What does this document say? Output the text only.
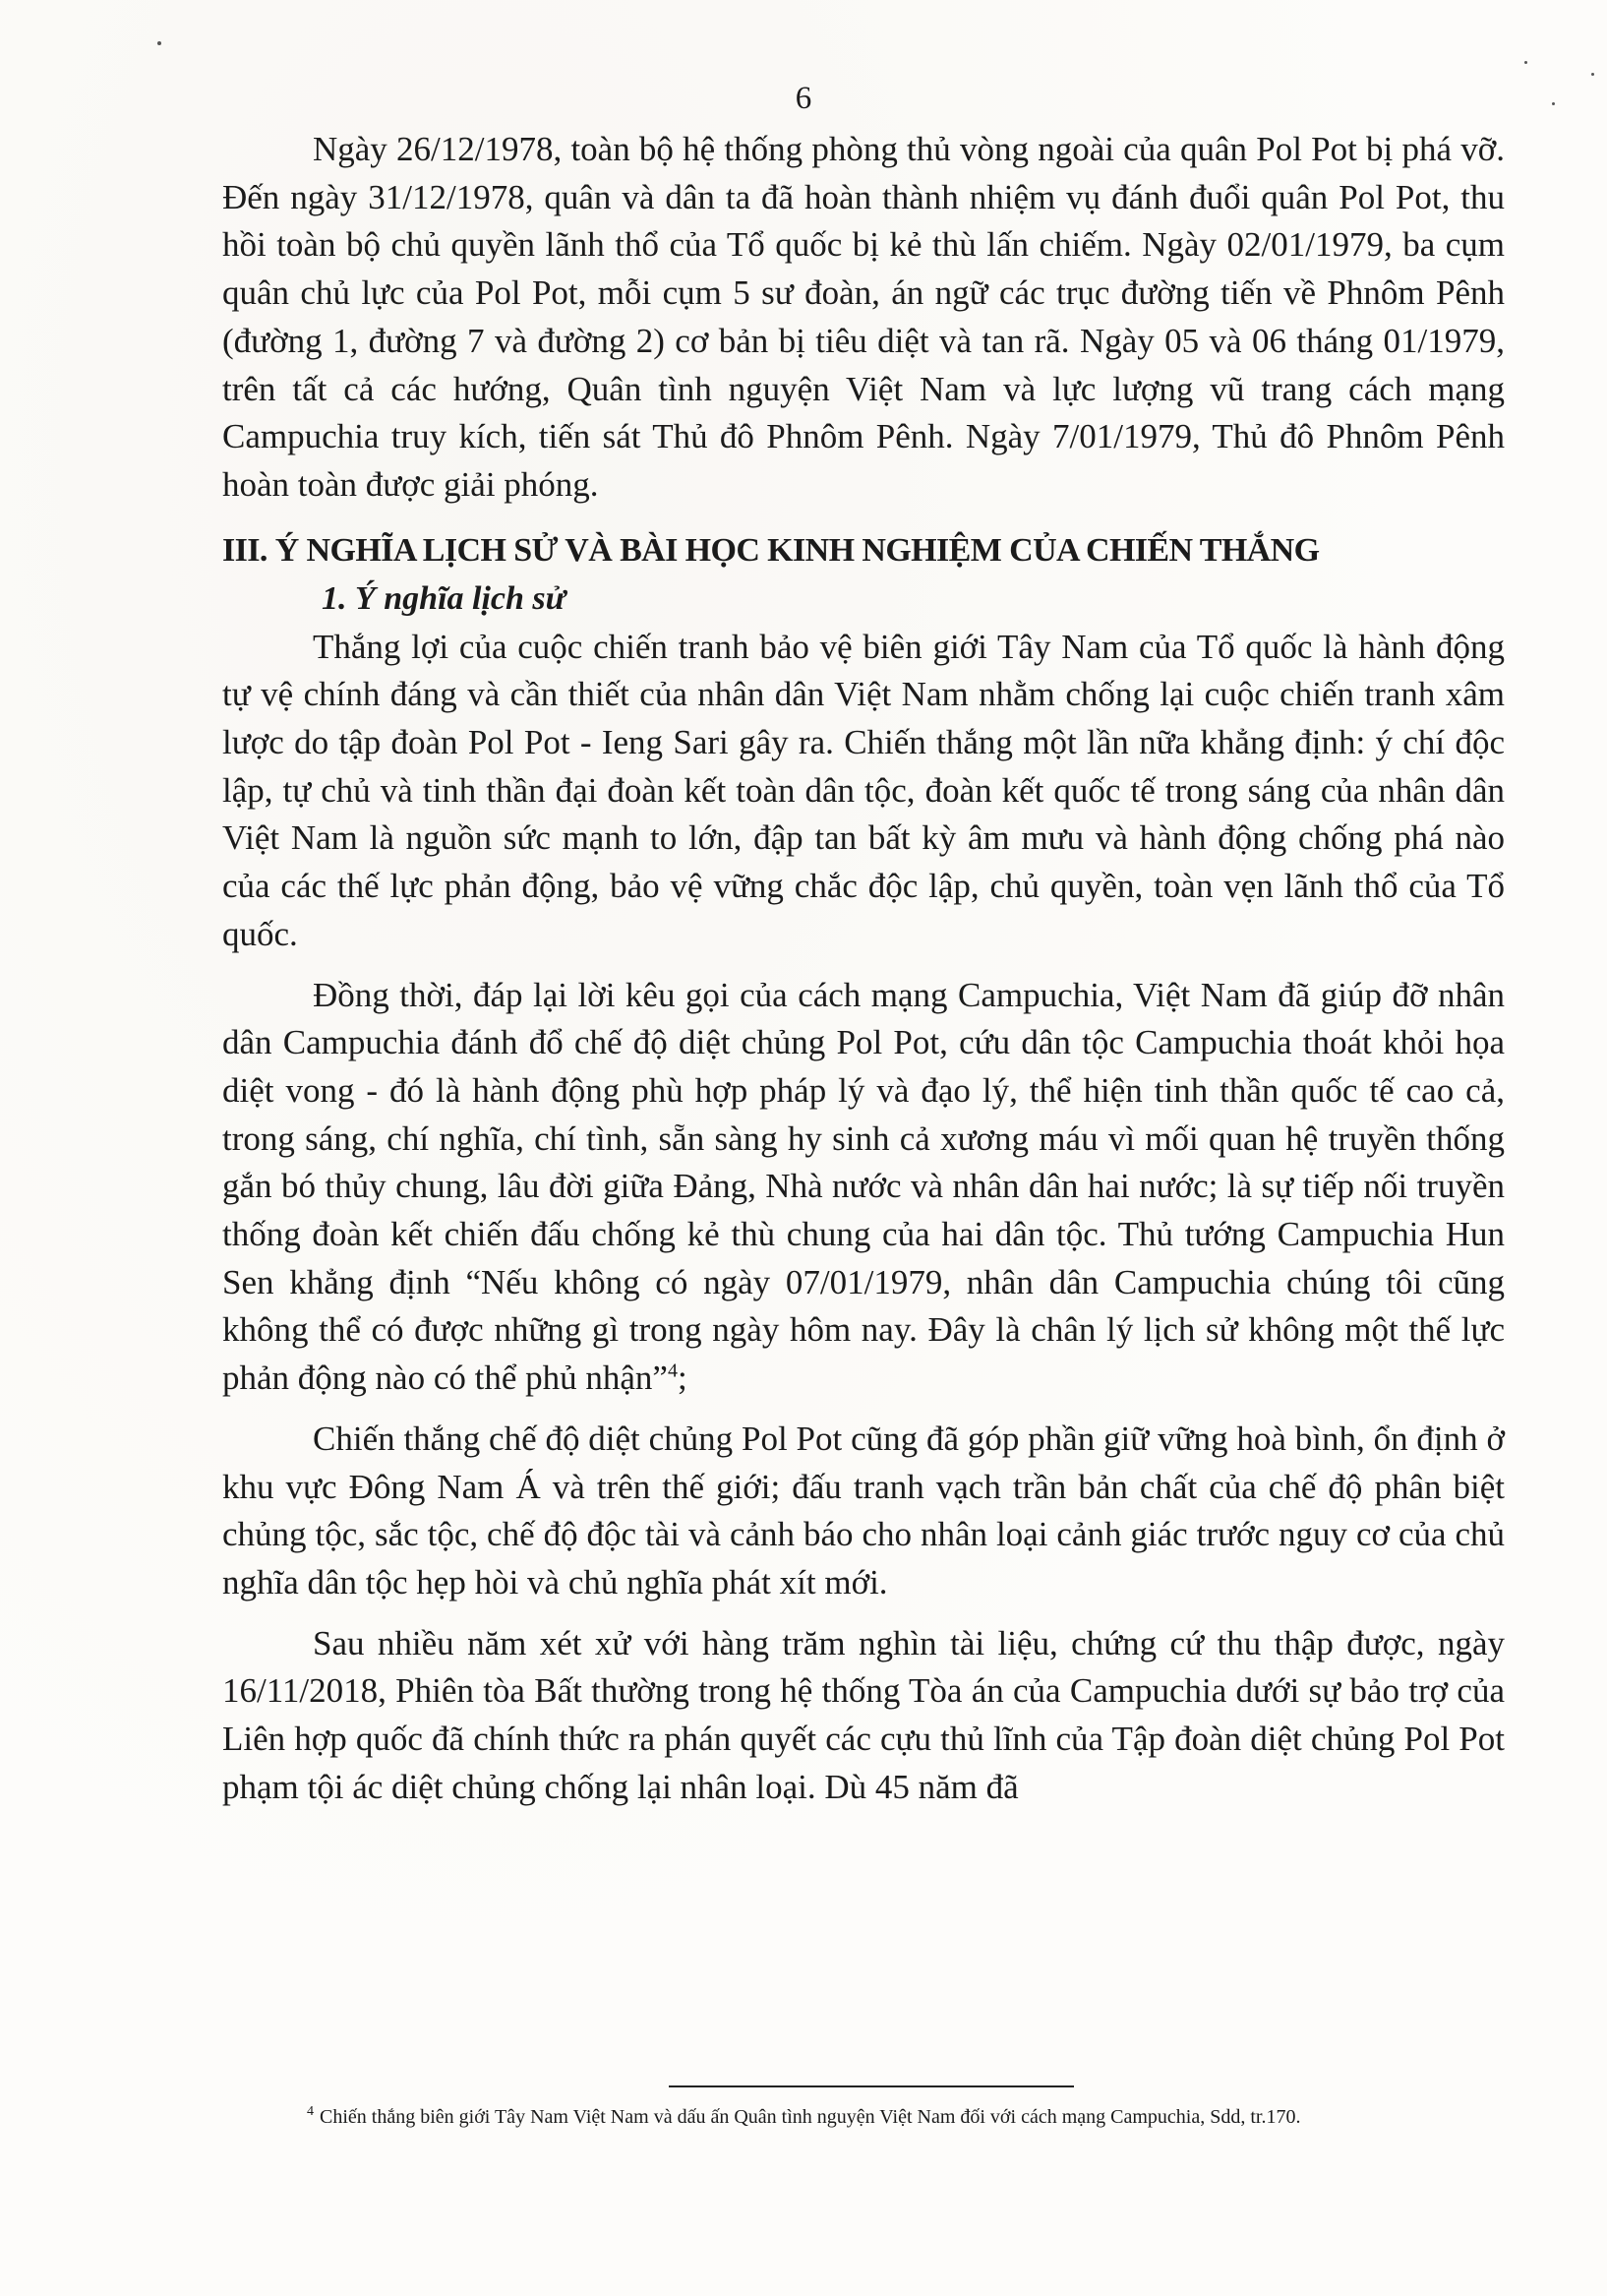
6

Ngày 26/12/1978, toàn bộ hệ thống phòng thủ vòng ngoài của quân Pol Pot bị phá vỡ. Đến ngày 31/12/1978, quân và dân ta đã hoàn thành nhiệm vụ đánh đuổi quân Pol Pot, thu hồi toàn bộ chủ quyền lãnh thổ của Tổ quốc bị kẻ thù lấn chiếm. Ngày 02/01/1979, ba cụm quân chủ lực của Pol Pot, mỗi cụm 5 sư đoàn, án ngữ các trục đường tiến về Phnôm Pênh (đường 1, đường 7 và đường 2) cơ bản bị tiêu diệt và tan rã. Ngày 05 và 06 tháng 01/1979, trên tất cả các hướng, Quân tình nguyện Việt Nam và lực lượng vũ trang cách mạng Campuchia truy kích, tiến sát Thủ đô Phnôm Pênh. Ngày 7/01/1979, Thủ đô Phnôm Pênh hoàn toàn được giải phóng.

III. Ý NGHĨA LỊCH SỬ VÀ BÀI HỌC KINH NGHIỆM CỦA CHIẾN THẮNG
1. Ý nghĩa lịch sử

Thắng lợi của cuộc chiến tranh bảo vệ biên giới Tây Nam của Tổ quốc là hành động tự vệ chính đáng và cần thiết của nhân dân Việt Nam nhằm chống lại cuộc chiến tranh xâm lược do tập đoàn Pol Pot - Ieng Sari gây ra. Chiến thắng một lần nữa khẳng định: ý chí độc lập, tự chủ và tinh thần đại đoàn kết toàn dân tộc, đoàn kết quốc tế trong sáng của nhân dân Việt Nam là nguồn sức mạnh to lớn, đập tan bất kỳ âm mưu và hành động chống phá nào của các thế lực phản động, bảo vệ vững chắc độc lập, chủ quyền, toàn vẹn lãnh thổ của Tổ quốc.

Đồng thời, đáp lại lời kêu gọi của cách mạng Campuchia, Việt Nam đã giúp đỡ nhân dân Campuchia đánh đổ chế độ diệt chủng Pol Pot, cứu dân tộc Campuchia thoát khỏi họa diệt vong - đó là hành động phù hợp pháp lý và đạo lý, thể hiện tinh thần quốc tế cao cả, trong sáng, chí nghĩa, chí tình, sẵn sàng hy sinh cả xương máu vì mối quan hệ truyền thống gắn bó thủy chung, lâu đời giữa Đảng, Nhà nước và nhân dân hai nước; là sự tiếp nối truyền thống đoàn kết chiến đấu chống kẻ thù chung của hai dân tộc. Thủ tướng Campuchia Hun Sen khẳng định “Nếu không có ngày 07/01/1979, nhân dân Campuchia chúng tôi cũng không thể có được những gì trong ngày hôm nay. Đây là chân lý lịch sử không một thế lực phản động nào có thể phủ nhận”$^4$;

Chiến thắng chế độ diệt chủng Pol Pot cũng đã góp phần giữ vững hoà bình, ổn định ở khu vực Đông Nam Á và trên thế giới; đấu tranh vạch trần bản chất của chế độ phân biệt chủng tộc, sắc tộc, chế độ độc tài và cảnh báo cho nhân loại cảnh giác trước nguy cơ của chủ nghĩa dân tộc hẹp hòi và chủ nghĩa phát xít mới.

Sau nhiều năm xét xử với hàng trăm nghìn tài liệu, chứng cứ thu thập được, ngày 16/11/2018, Phiên tòa Bất thường trong hệ thống Tòa án của Campuchia dưới sự bảo trợ của Liên hợp quốc đã chính thức ra phán quyết các cựu thủ lĩnh của Tập đoàn diệt chủng Pol Pot phạm tội ác diệt chủng chống lại nhân loại. Dù 45 năm đã

$^4$ Chiến thắng biên giới Tây Nam Việt Nam và dấu ấn Quân tình nguyện Việt Nam đối với cách mạng Campuchia, Sdd, tr.170.
